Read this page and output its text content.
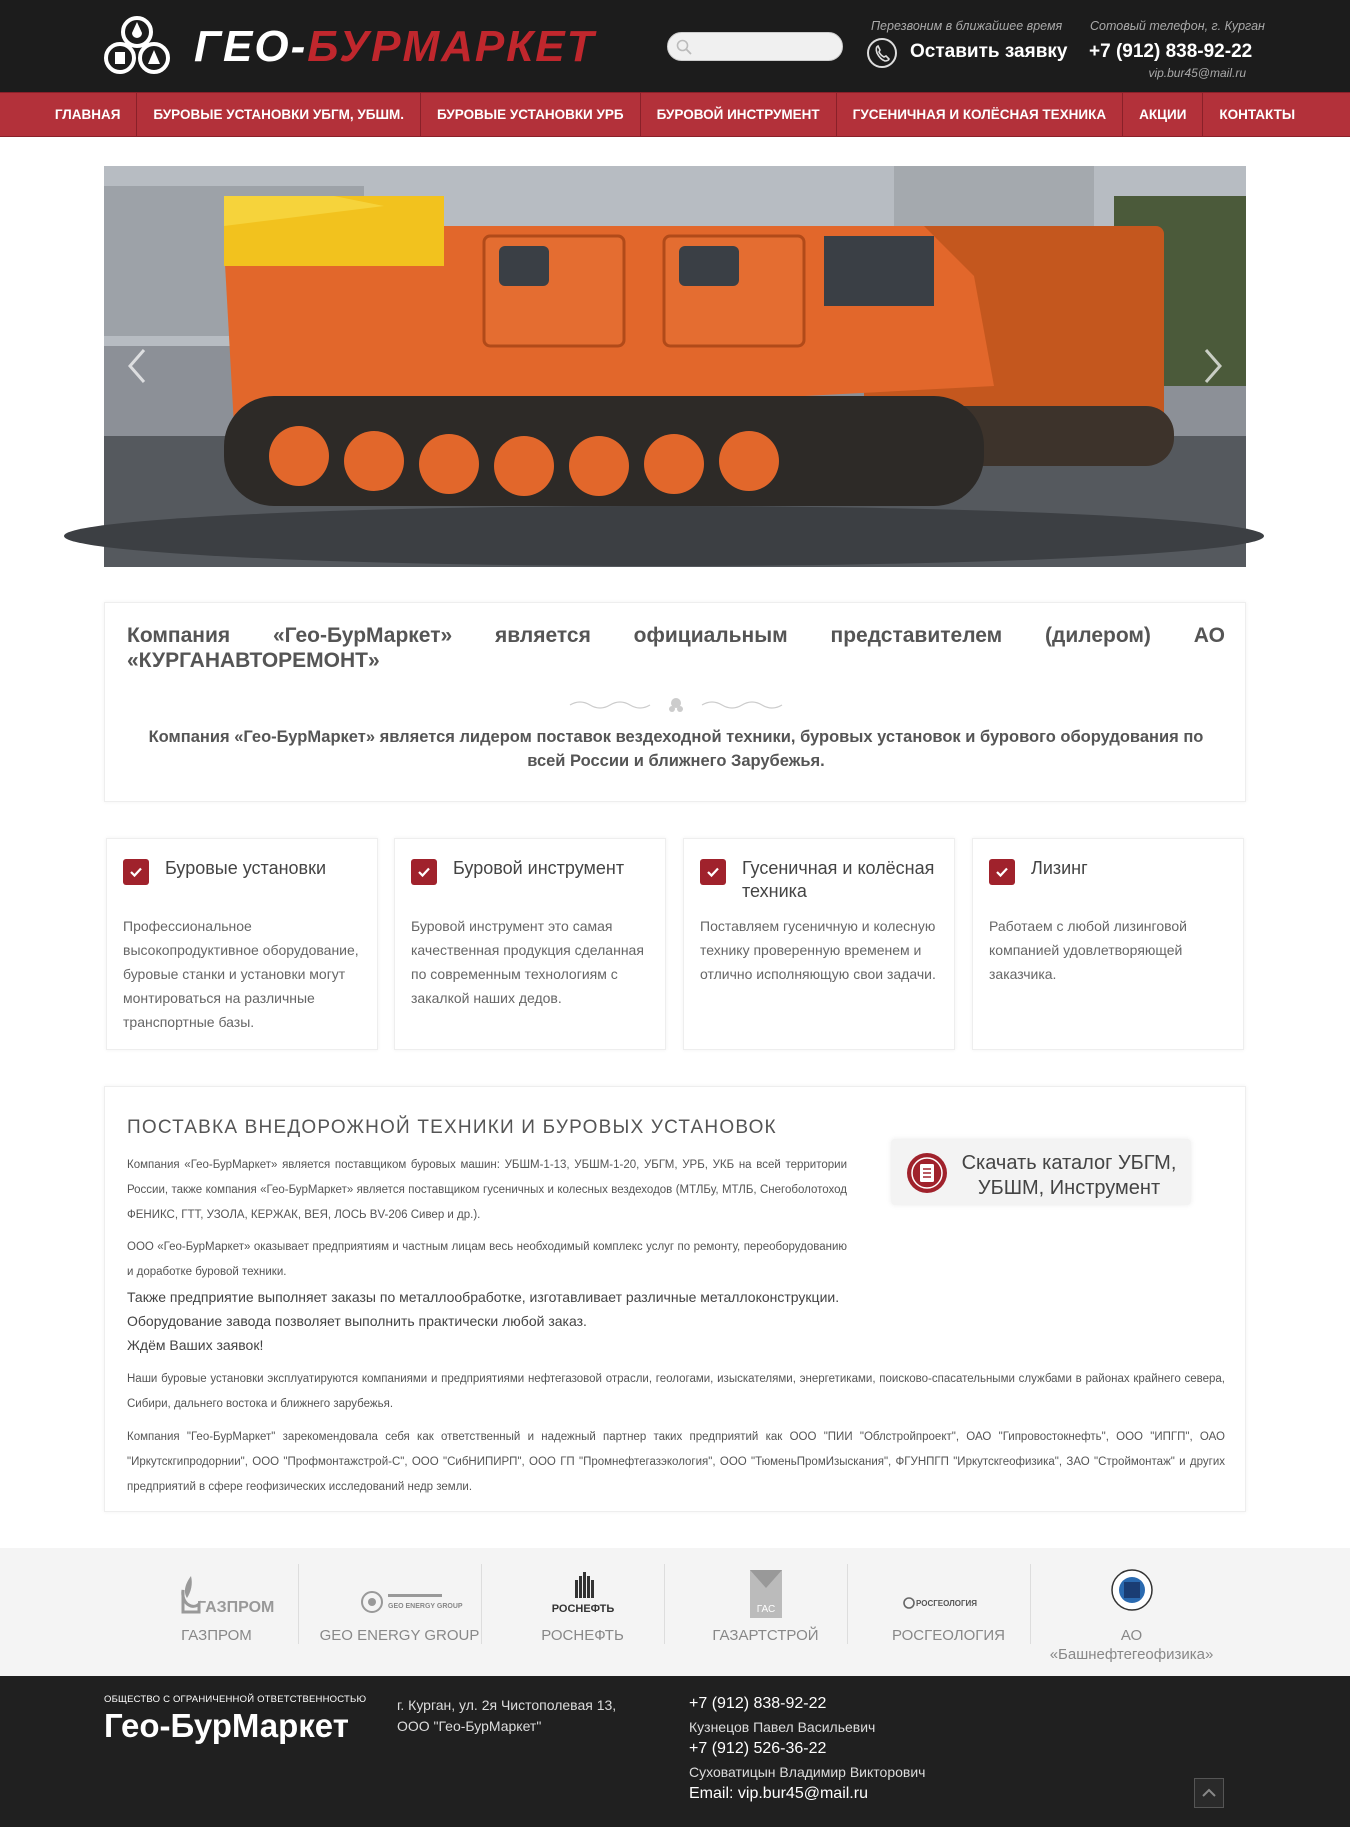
ГЕО-БУРМАРКЕТ	Перезвоним в ближайшее время
Оставить заявку
Сотовый телефон, г. Курган
+7 (912) 838-92-22
vip.bur45@mail.ru
ГЛАВНАЯ	БУРОВЫЕ УСТАНОВКИ УБГМ, УБШМ.	БУРОВЫЕ УСТАНОВКИ УРБ	БУРОВОЙ ИНСТРУМЕНТ	ГУСЕНИЧНАЯ И КОЛЁСНАЯ ТЕХНИКА	АКЦИИ	КОНТАКТЫ
Компания «Гео-БурМаркет» является официальным представителем (дилером) АО «КУРГАНАВТОРЕМОНТ»
Компания «Гео-БурМаркет» является лидером поставок вездеходной техники, буровых установок и бурового оборудования по всей России и ближнего Зарубежья.
Буровые установки
Профессиональное высокопродуктивное оборудование, буровые станки и установки могут монтироваться на различные транспортные базы.
Буровой инструмент
Буровой инструмент это самая качественная продукция сделанная по современным технологиям с закалкой наших дедов.
Гусеничная и колёсная техника
Поставляем гусеничную и колесную технику проверенную временем и отлично исполняющую свои задачи.
Лизинг
Работаем с любой лизинговой компанией удовлетворяющей заказчика.
ПОСТАВКА ВНЕДОРОЖНОЙ ТЕХНИКИ И БУРОВЫХ УСТАНОВОК
Компания «Гео-БурМаркет» является поставщиком буровых машин: УБШМ-1-13, УБШМ-1-20, УБГМ, УРБ, УКБ на всей территории России, также компания «Гео-БурМаркет» является поставщиком гусеничных и колесных вездеходов (МТЛБу, МТЛБ, Снегоболотоход ФЕНИКС, ГТТ, УЗОЛА, КЕРЖАК, ВЕЯ, ЛОСЬ BV-206 Сивер и др.).
ООО «Гео-БурМаркет» оказывает предприятиям и частным лицам весь необходимый комплекс услуг по ремонту, переоборудованию и доработке буровой техники.
Также предприятие выполняет заказы по металлообработке, изготавливает различные металлоконструкции.
Оборудование завода позволяет выполнить практически любой заказ.
Ждём Ваших заявок!
Наши буровые установки эксплуатируются компаниями и предприятиями нефтегазовой отрасли, геологами, изыскателями, энергетиками, поисково-спасательными службами в районах крайнего севера, Сибири, дальнего востока и ближнего зарубежья.
Компания "Гео-БурМаркет" зарекомендовала себя как ответственный и надежный партнер таких предприятий как ООО "ПИИ "Облстройпроект", ОАО "Гипровостокнефть", ООО "ИПГП", ОАО "Иркутскгипродорнии", ООО "Профмонтажстрой-С", ООО "СибНИПИРП", ООО ГП "Промнефтегазэкология", ООО "ТюменьПромИзыскания", ФГУНПГП "Иркутскгеофизика", ЗАО "Строймонтаж" и других предприятий в сфере геофизических исследований недр земли.
Скачать каталог УБГМ, УБШМ, Инструмент
ГАЗПРОМ
ГАЗПРОМ
GEO ENERGY GROUP
GEO ENERGY GROUP
РОСНЕФТЬ
РОСНЕФТЬ
ГАС
ГАЗАРТСТРОЙ
РОСГЕОЛОГИЯ
РОСГЕОЛОГИЯ	АО «Башнефтегеофизика»
ОБЩЕСТВО С ОГРАНИЧЕННОЙ ОТВЕТСТВЕННОСТЬЮ
Гео-БурМаркет
г. Курган, ул. 2я Чистополевая 13,
ООО "Гео-БурМаркет"
+7 (912) 838-92-22
Кузнецов Павел Васильевич
+7 (912) 526-36-22
Суховатицын Владимир Викторович
Email: vip.bur45@mail.ru
